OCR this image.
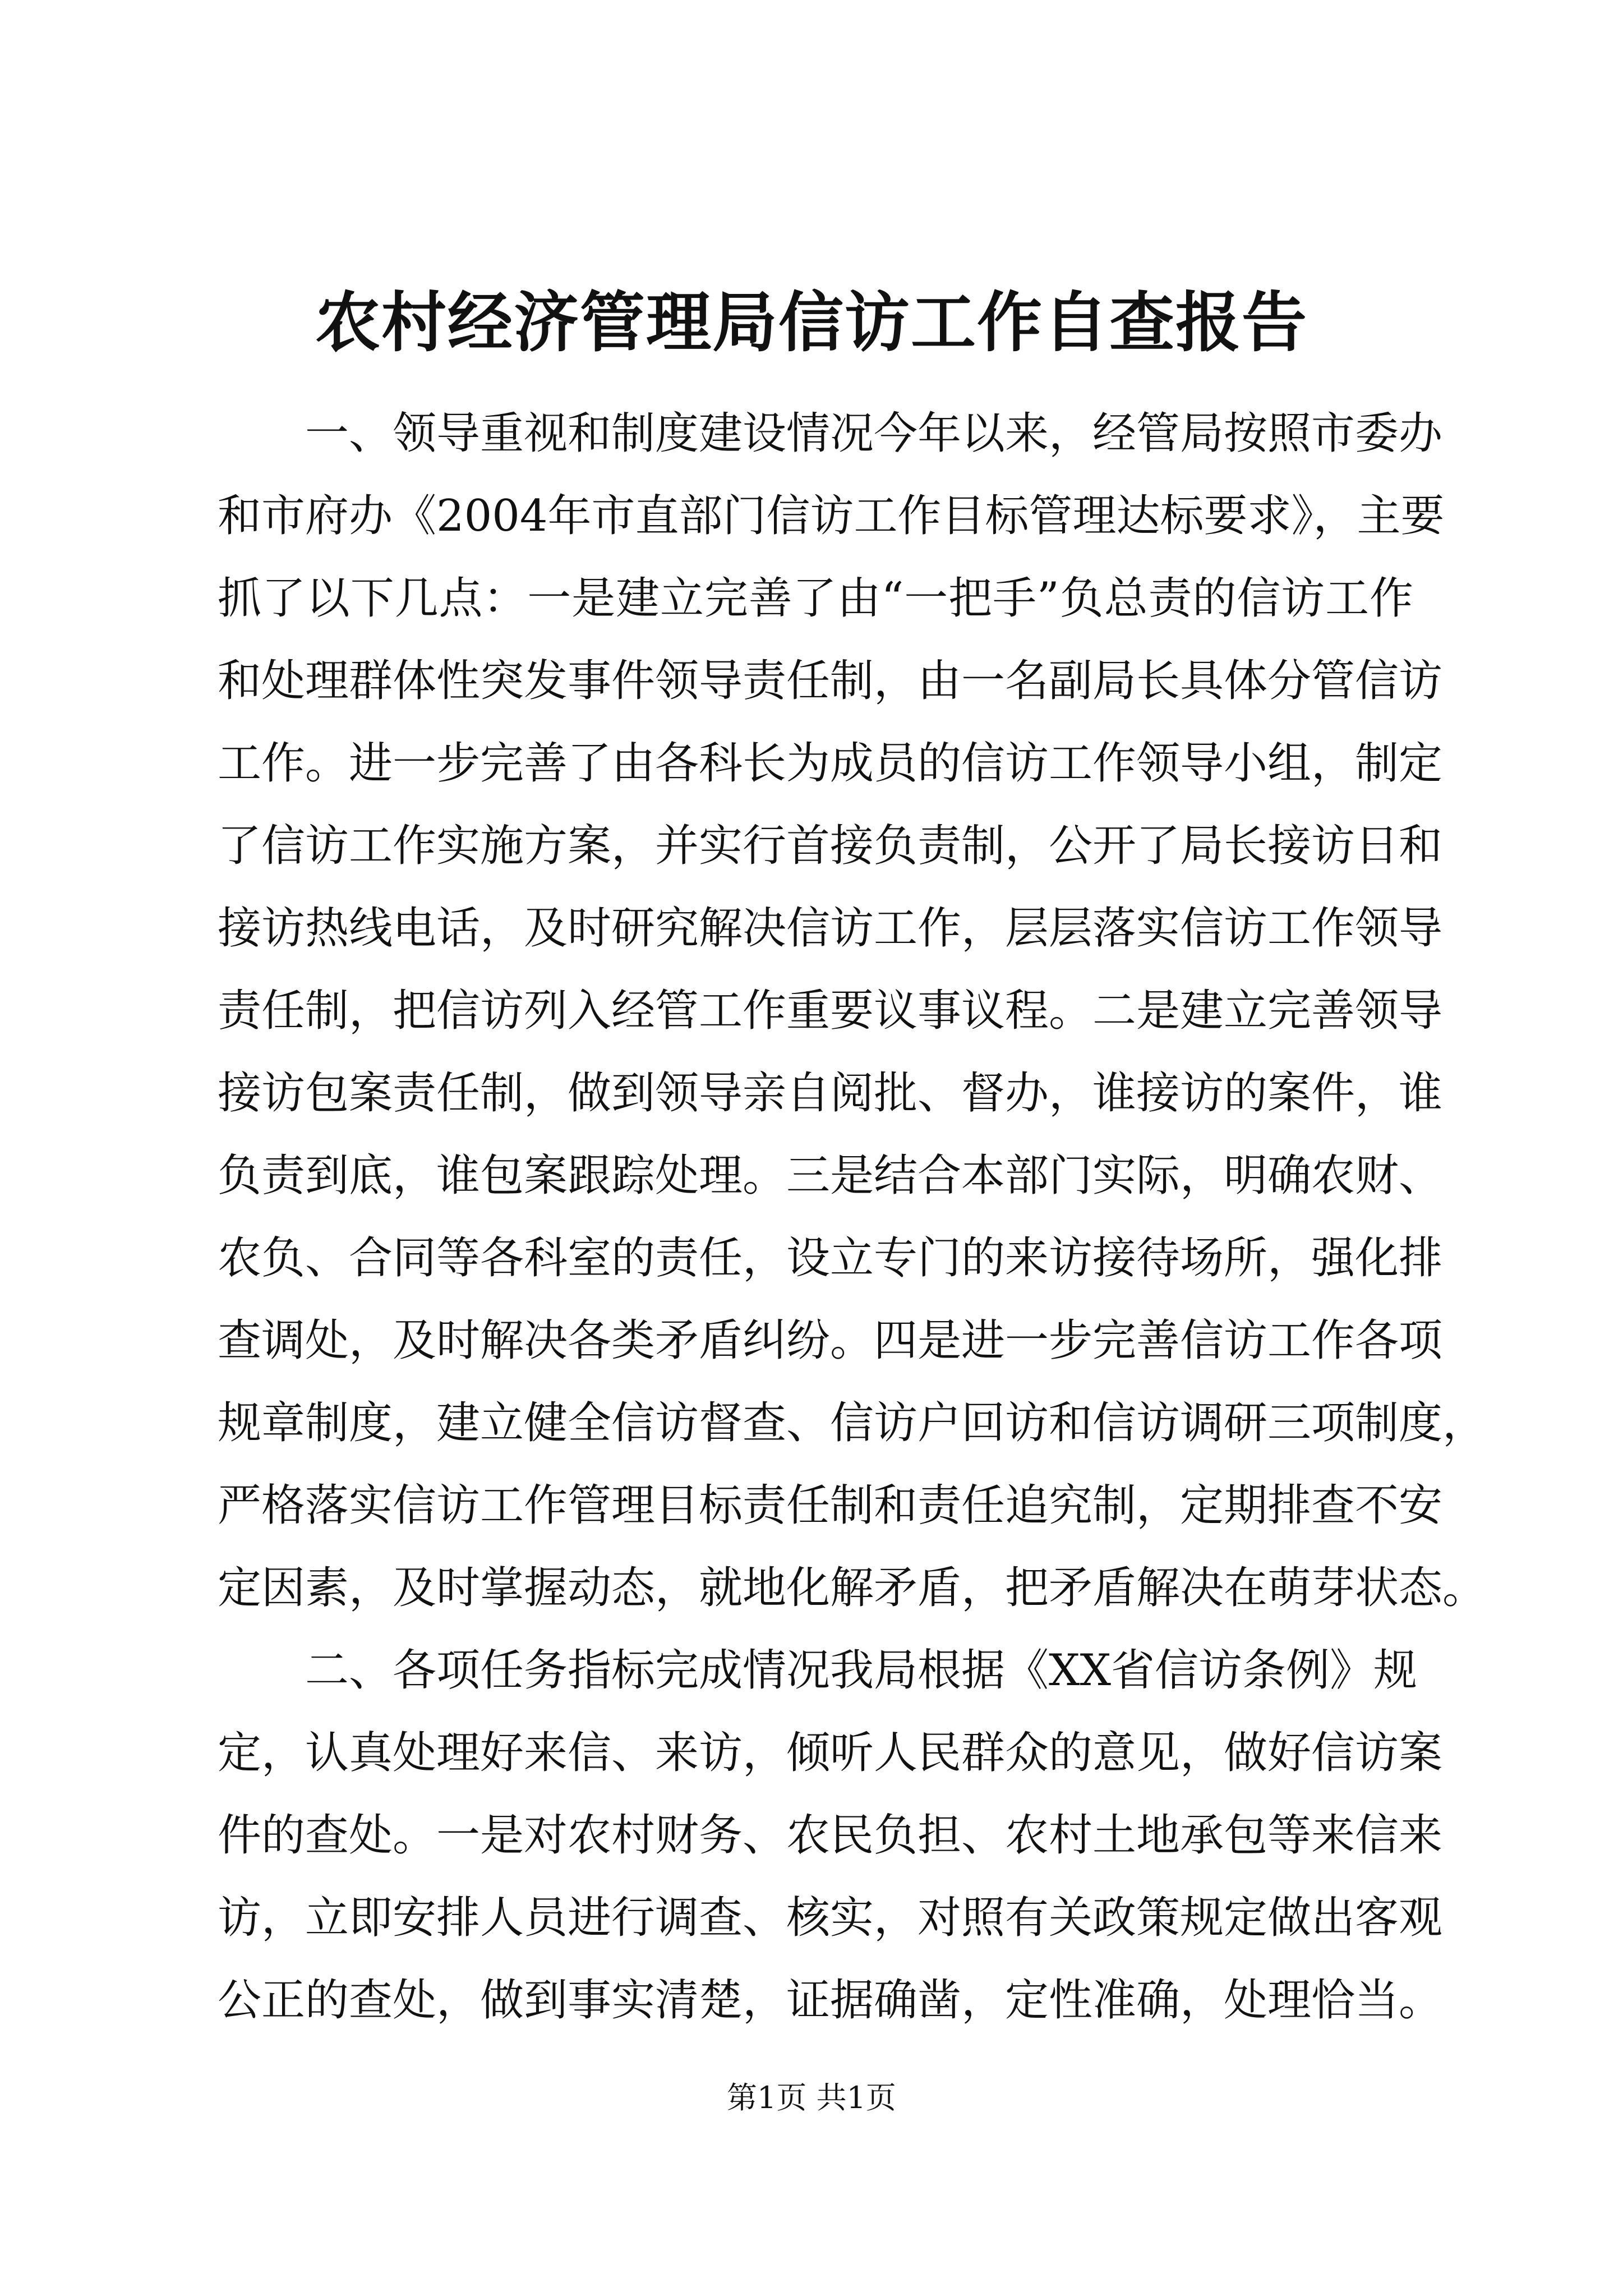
农村经济管理局信访工作自查报告
　　一、领导重视和制度建设情况今年以来，经管局按照市委办
和市府办《2004年市直部门信访工作目标管理达标要求》，主要
抓了以下几点：一是建立完善了由“一把手”负总责的信访工作
和处理群体性突发事件领导责任制，由一名副局长具体分管信访
工作。进一步完善了由各科长为成员的信访工作领导小组，制定
了信访工作实施方案，并实行首接负责制，公开了局长接访日和
接访热线电话，及时研究解决信访工作，层层落实信访工作领导
责任制，把信访列入经管工作重要议事议程。二是建立完善领导
接访包案责任制，做到领导亲自阅批、督办，谁接访的案件，谁
负责到底，谁包案跟踪处理。三是结合本部门实际，明确农财、
农负、合同等各科室的责任，设立专门的来访接待场所，强化排
查调处，及时解决各类矛盾纠纷。四是进一步完善信访工作各项
规章制度，建立健全信访督查、信访户回访和信访调研三项制度，
严格落实信访工作管理目标责任制和责任追究制，定期排查不安
定因素，及时掌握动态，就地化解矛盾，把矛盾解决在萌芽状态。
　　二、各项任务指标完成情况我局根据《XX省信访条例》规
定，认真处理好来信、来访，倾听人民群众的意见，做好信访案
件的查处。一是对农村财务、农民负担、农村土地承包等来信来
访，立即安排人员进行调查、核实，对照有关政策规定做出客观
公正的查处，做到事实清楚，证据确凿，定性准确，处理恰当。
第1页 共1页
